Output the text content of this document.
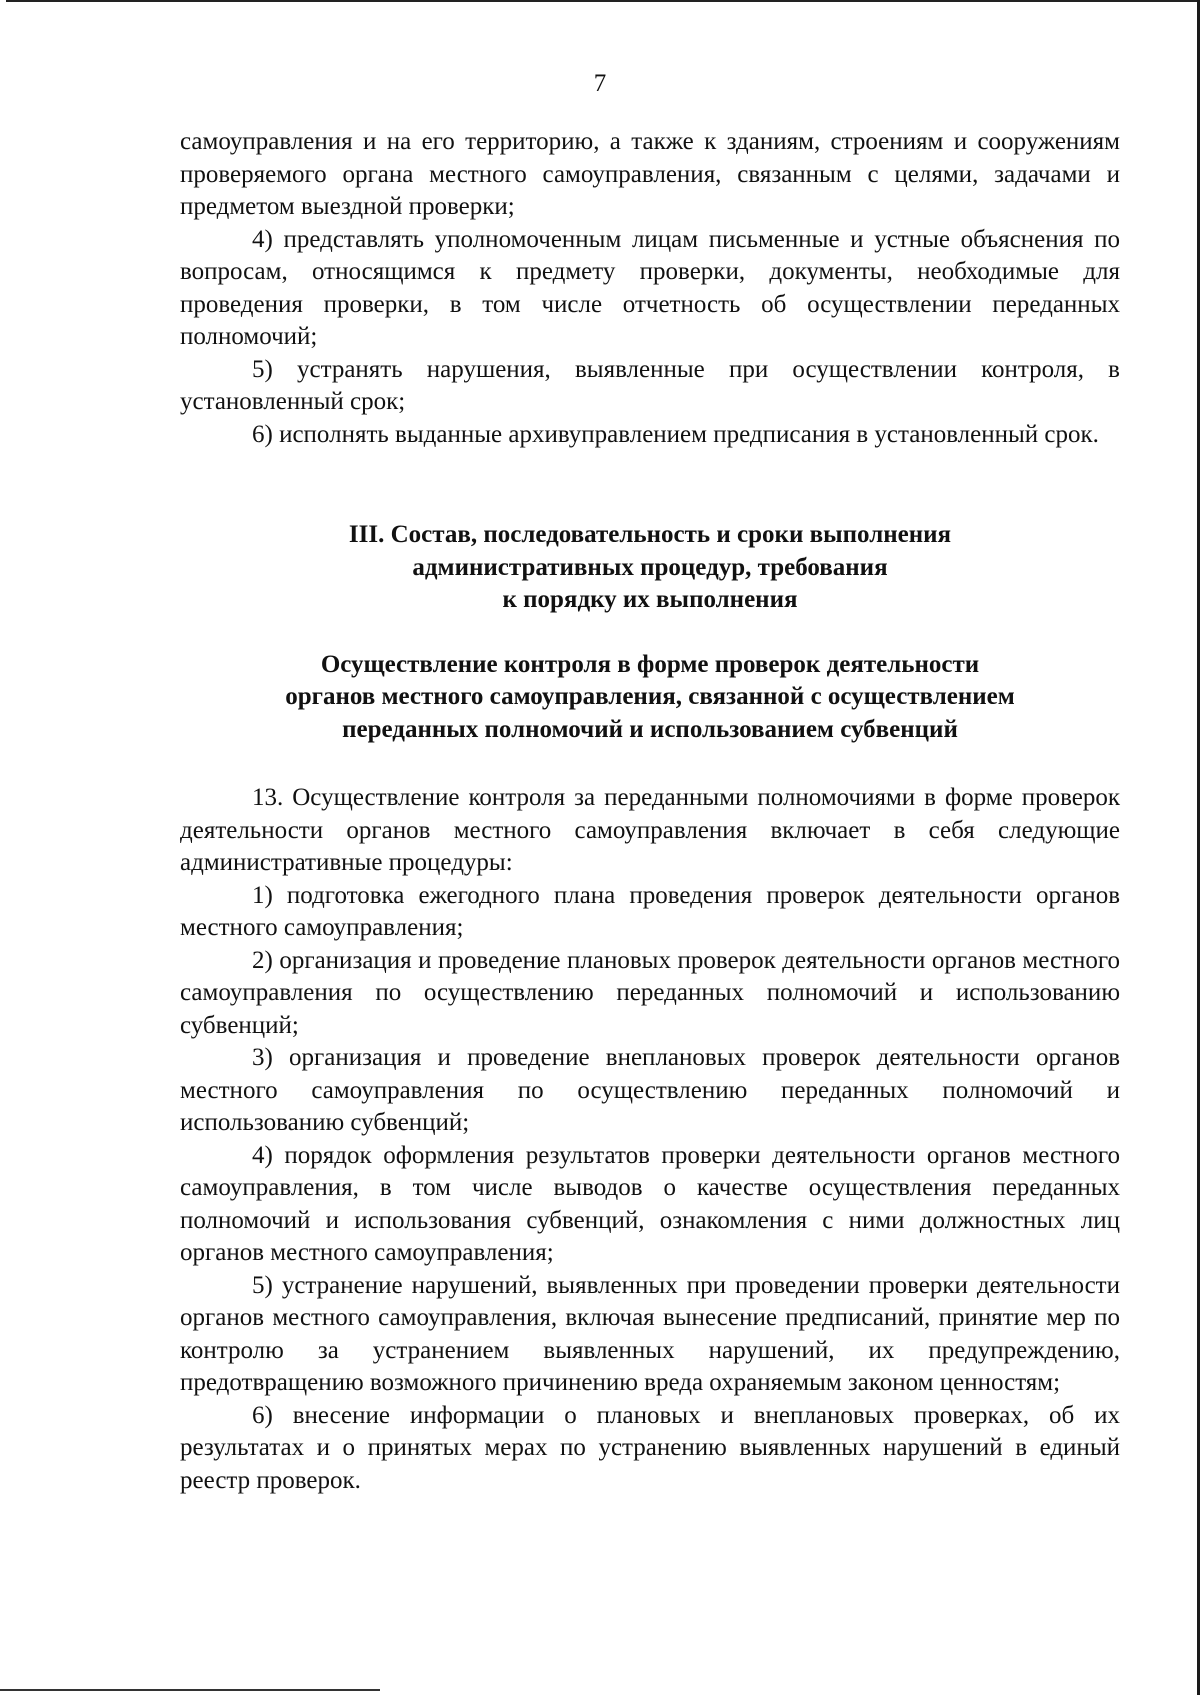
7

самоуправления и на его территорию, а также к зданиям, строениям и сооружениям проверяемого органа местного самоуправления, связанным с целями, задачами и предметом выездной проверки;

4) представлять уполномоченным лицам письменные и устные объяснения по вопросам, относящимся к предмету проверки, документы, необходимые для проведения проверки, в том числе отчетность об осуществлении переданных полномочий;

5) устранять нарушения, выявленные при осуществлении контроля, в установленный срок;

6) исполнять выданные архивуправлением предписания в установленный срок.

III. Состав, последовательность и сроки выполнения
административных процедур, требования
к порядку их выполнения
Осуществление контроля в форме проверок деятельности
органов местного самоуправления, связанной с осуществлением
переданных полномочий и использованием субвенций

13. Осуществление контроля за переданными полномочиями в форме проверок деятельности органов местного самоуправления включает в себя следующие административные процедуры:

1) подготовка ежегодного плана проведения проверок деятельности органов местного самоуправления;

2) организация и проведение плановых проверок деятельности органов местного самоуправления по осуществлению переданных полномочий и использованию субвенций;

3) организация и проведение внеплановых проверок деятельности органов местного самоуправления по осуществлению переданных полномочий и использованию субвенций;

4) порядок оформления результатов проверки деятельности органов местного самоуправления, в том числе выводов о качестве осуществления переданных полномочий и использования субвенций, ознакомления с ними должностных лиц органов местного самоуправления;

5) устранение нарушений, выявленных при проведении проверки деятельности органов местного самоуправления, включая вынесение предписаний, принятие мер по контролю за устранением выявленных нарушений, их предупреждению, предотвращению возможного причинению вреда охраняемым законом ценностям;

6) внесение информации о плановых и внеплановых проверках, об их результатах и о принятых мерах по устранению выявленных нарушений в единый реестр проверок.
